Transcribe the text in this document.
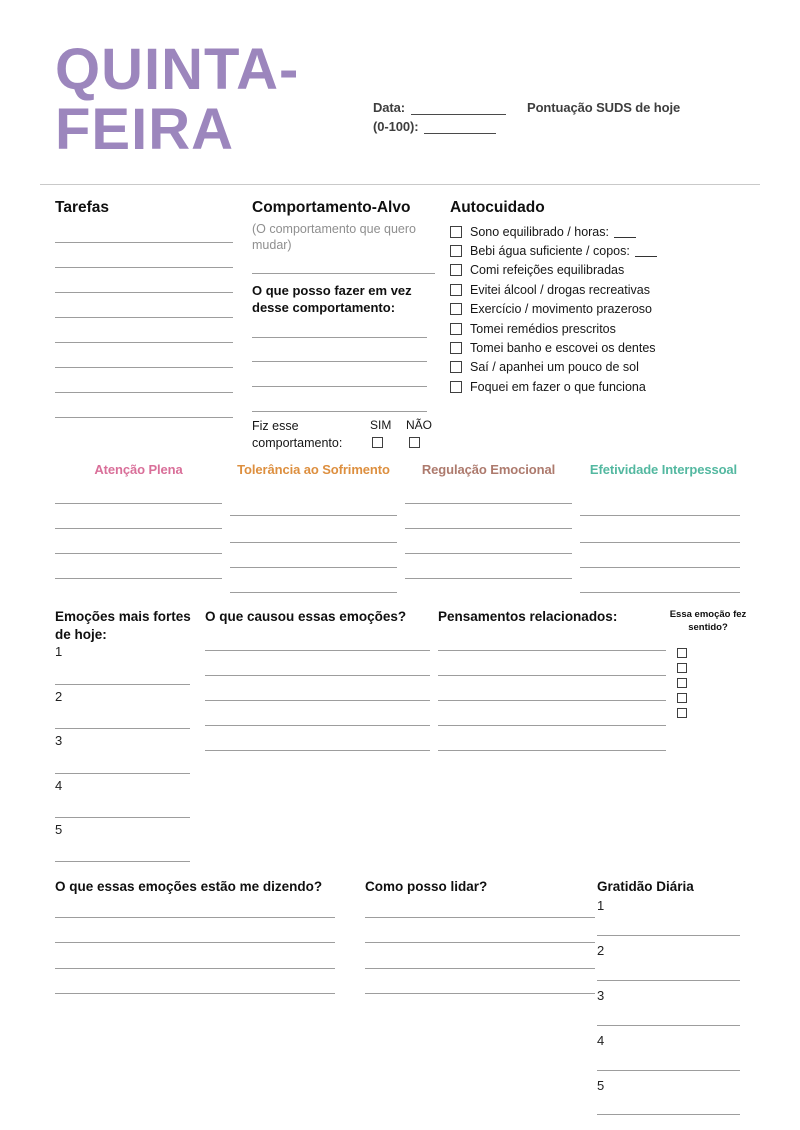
QUINTA-
FEIRA	Data:	Pontuação SUDS de hoje
(0-100):
Tarefas	Comportamento-Alvo
(O comportamento que quero mudar)
O que posso fazer em vez desse comportamento:
Fiz esse comportamento:
SIM NÃO
Autocuidado
Sono equilibrado / horas:
Bebi água suficiente / copos:
Comi refeições equilibradas
Evitei álcool / drogas recreativas
Exercício / movimento prazeroso
Tomei remédios prescritos
Tomei banho e escovei os dentes
Saí / apanhei um pouco de sol
Foquei em fazer o que funciona
Atenção Plena	Tolerância ao Sofrimento	Regulação Emocional	Efetividade Interpessoal
Emoções mais fortes de hoje:
1
2
3
4
5
O que causou essas emoções?	Pensamentos relacionados:	Essa emoção fez sentido?
O que essas emoções estão me dizendo?	Como posso lidar?	Gratidão Diária
1
2
3
4
5
